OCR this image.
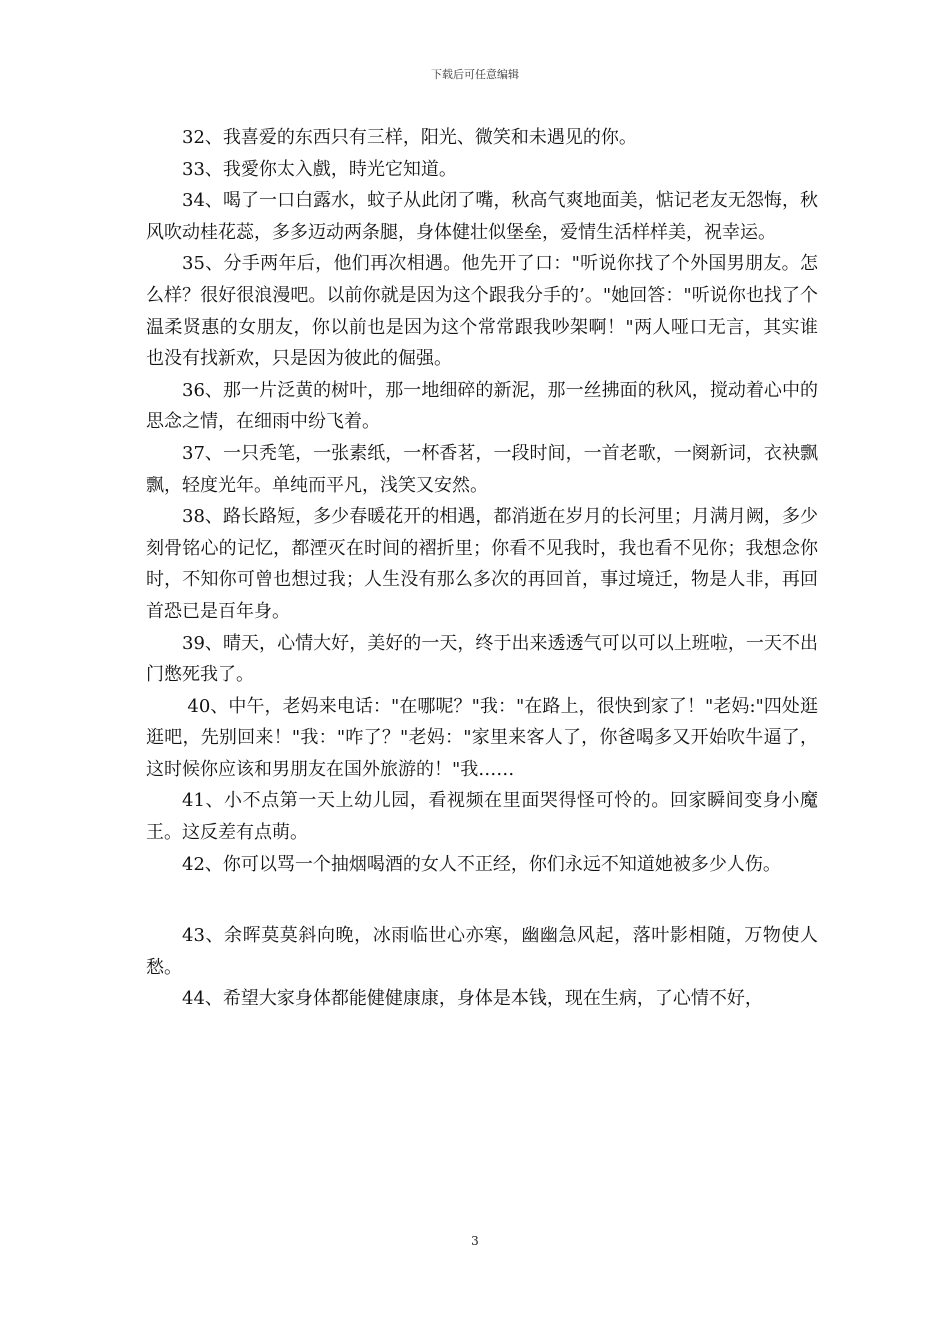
下载后可任意编辑

32、我喜爱的东西只有三样，阳光、微笑和未遇见的你。

33、我愛你太入戲，時光它知道。

34、喝了一口白露水，蚊子从此闭了嘴，秋高气爽地面美，惦记老友无怨悔，秋风吹动桂花蕊，多多迈动两条腿，身体健壮似堡垒，爱情生活样样美，祝幸运。

35、分手两年后，他们再次相遇。他先开了口："听说你找了个外国男朋友。怎么样？很好很浪漫吧。以前你就是因为这个跟我分手的’。"她回答："听说你也找了个温柔贤惠的女朋友，你以前也是因为这个常常跟我吵架啊！"两人哑口无言，其实谁也没有找新欢，只是因为彼此的倔强。

36、那一片泛黄的树叶，那一地细碎的新泥，那一丝拂面的秋风，搅动着心中的思念之情，在细雨中纷飞着。

37、一只秃笔，一张素纸，一杯香茗，一段时间，一首老歌，一阕新词，衣袂飘飘，轻度光年。单纯而平凡，浅笑又安然。

38、路长路短，多少春暖花开的相遇，都消逝在岁月的长河里；月满月阙，多少刻骨铭心的记忆，都湮灭在时间的褶折里；你看不见我时，我也看不见你；我想念你时，不知你可曾也想过我；人生没有那么多次的再回首，事过境迁，物是人非，再回首恐已是百年身。

39、晴天，心情大好，美好的一天，终于出来透透气可以可以上班啦，一天不出门憋死我了。

40、中午，老妈来电话："在哪呢？"我："在路上，很快到家了！"老妈:"四处逛逛吧，先别回来！"我："咋了？"老妈："家里来客人了，你爸喝多又开始吹牛逼了，这时候你应该和男朋友在国外旅游的！"我……

41、小不点第一天上幼儿园，看视频在里面哭得怪可怜的。回家瞬间变身小魔王。这反差有点萌。

42、你可以骂一个抽烟喝酒的女人不正经，你们永远不知道她被多少人伤。

43、余晖莫莫斜向晚，冰雨临世心亦寒，幽幽急风起，落叶影相随，万物使人愁。

44、希望大家身体都能健健康康，身体是本钱，现在生病，了心情不好，

3
